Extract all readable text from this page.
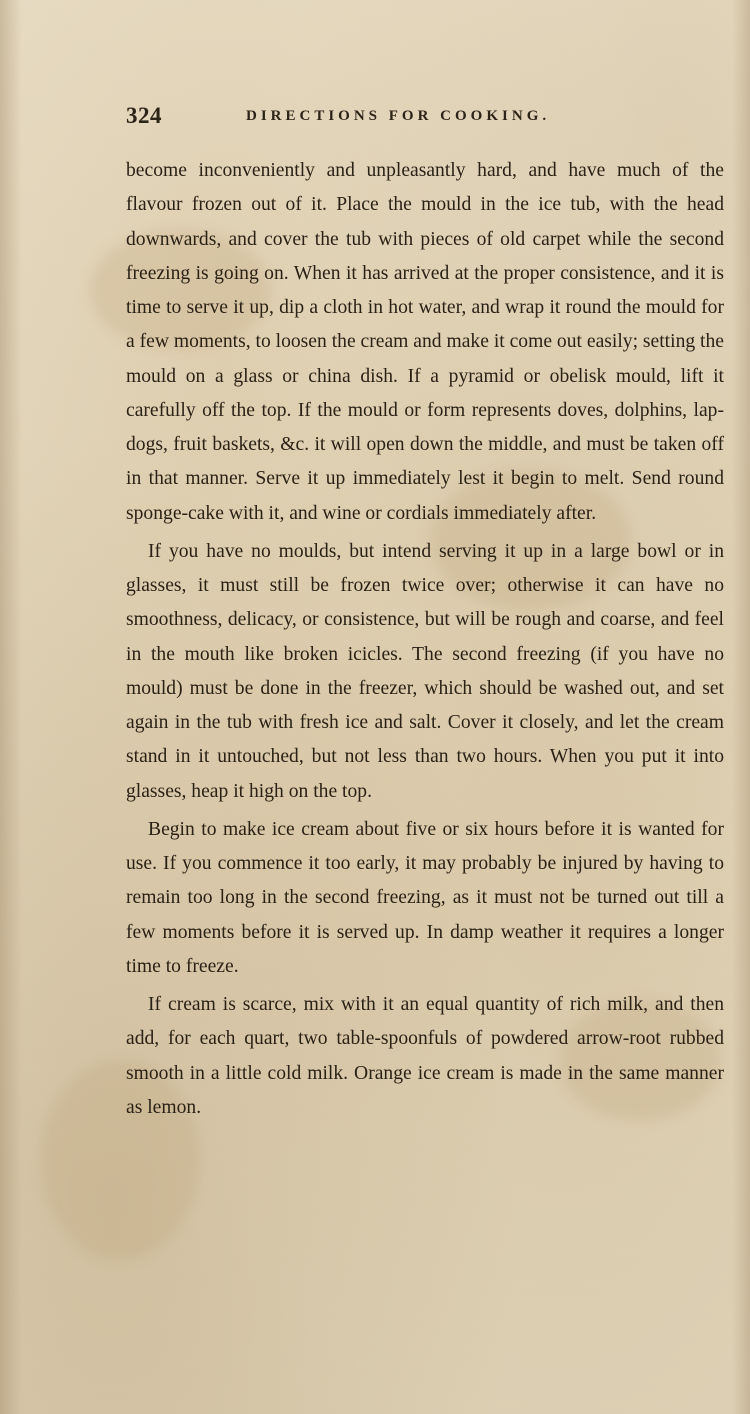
324	DIRECTIONS FOR COOKING.

become inconveniently and unpleasantly hard, and have much of the flavour frozen out of it. Place the mould in the ice tub, with the head downwards, and cover the tub with pieces of old carpet while the second freezing is going on. When it has arrived at the proper consistence, and it is time to serve it up, dip a cloth in hot water, and wrap it round the mould for a few moments, to loosen the cream and make it come out easily; setting the mould on a glass or china dish. If a pyramid or obelisk mould, lift it carefully off the top. If the mould or form represents doves, dolphins, lap-dogs, fruit baskets, &c. it will open down the middle, and must be taken off in that manner. Serve it up immediately lest it begin to melt. Send round sponge-cake with it, and wine or cordials immediately after.

If you have no moulds, but intend serving it up in a large bowl or in glasses, it must still be frozen twice over; otherwise it can have no smoothness, delicacy, or consistence, but will be rough and coarse, and feel in the mouth like broken icicles. The second freezing (if you have no mould) must be done in the freezer, which should be washed out, and set again in the tub with fresh ice and salt. Cover it closely, and let the cream stand in it untouched, but not less than two hours. When you put it into glasses, heap it high on the top.

Begin to make ice cream about five or six hours before it is wanted for use. If you commence it too early, it may probably be injured by having to remain too long in the second freezing, as it must not be turned out till a few moments before it is served up. In damp weather it requires a longer time to freeze.

If cream is scarce, mix with it an equal quantity of rich milk, and then add, for each quart, two table-spoonfuls of powdered arrow-root rubbed smooth in a little cold milk. Orange ice cream is made in the same manner as lemon.
